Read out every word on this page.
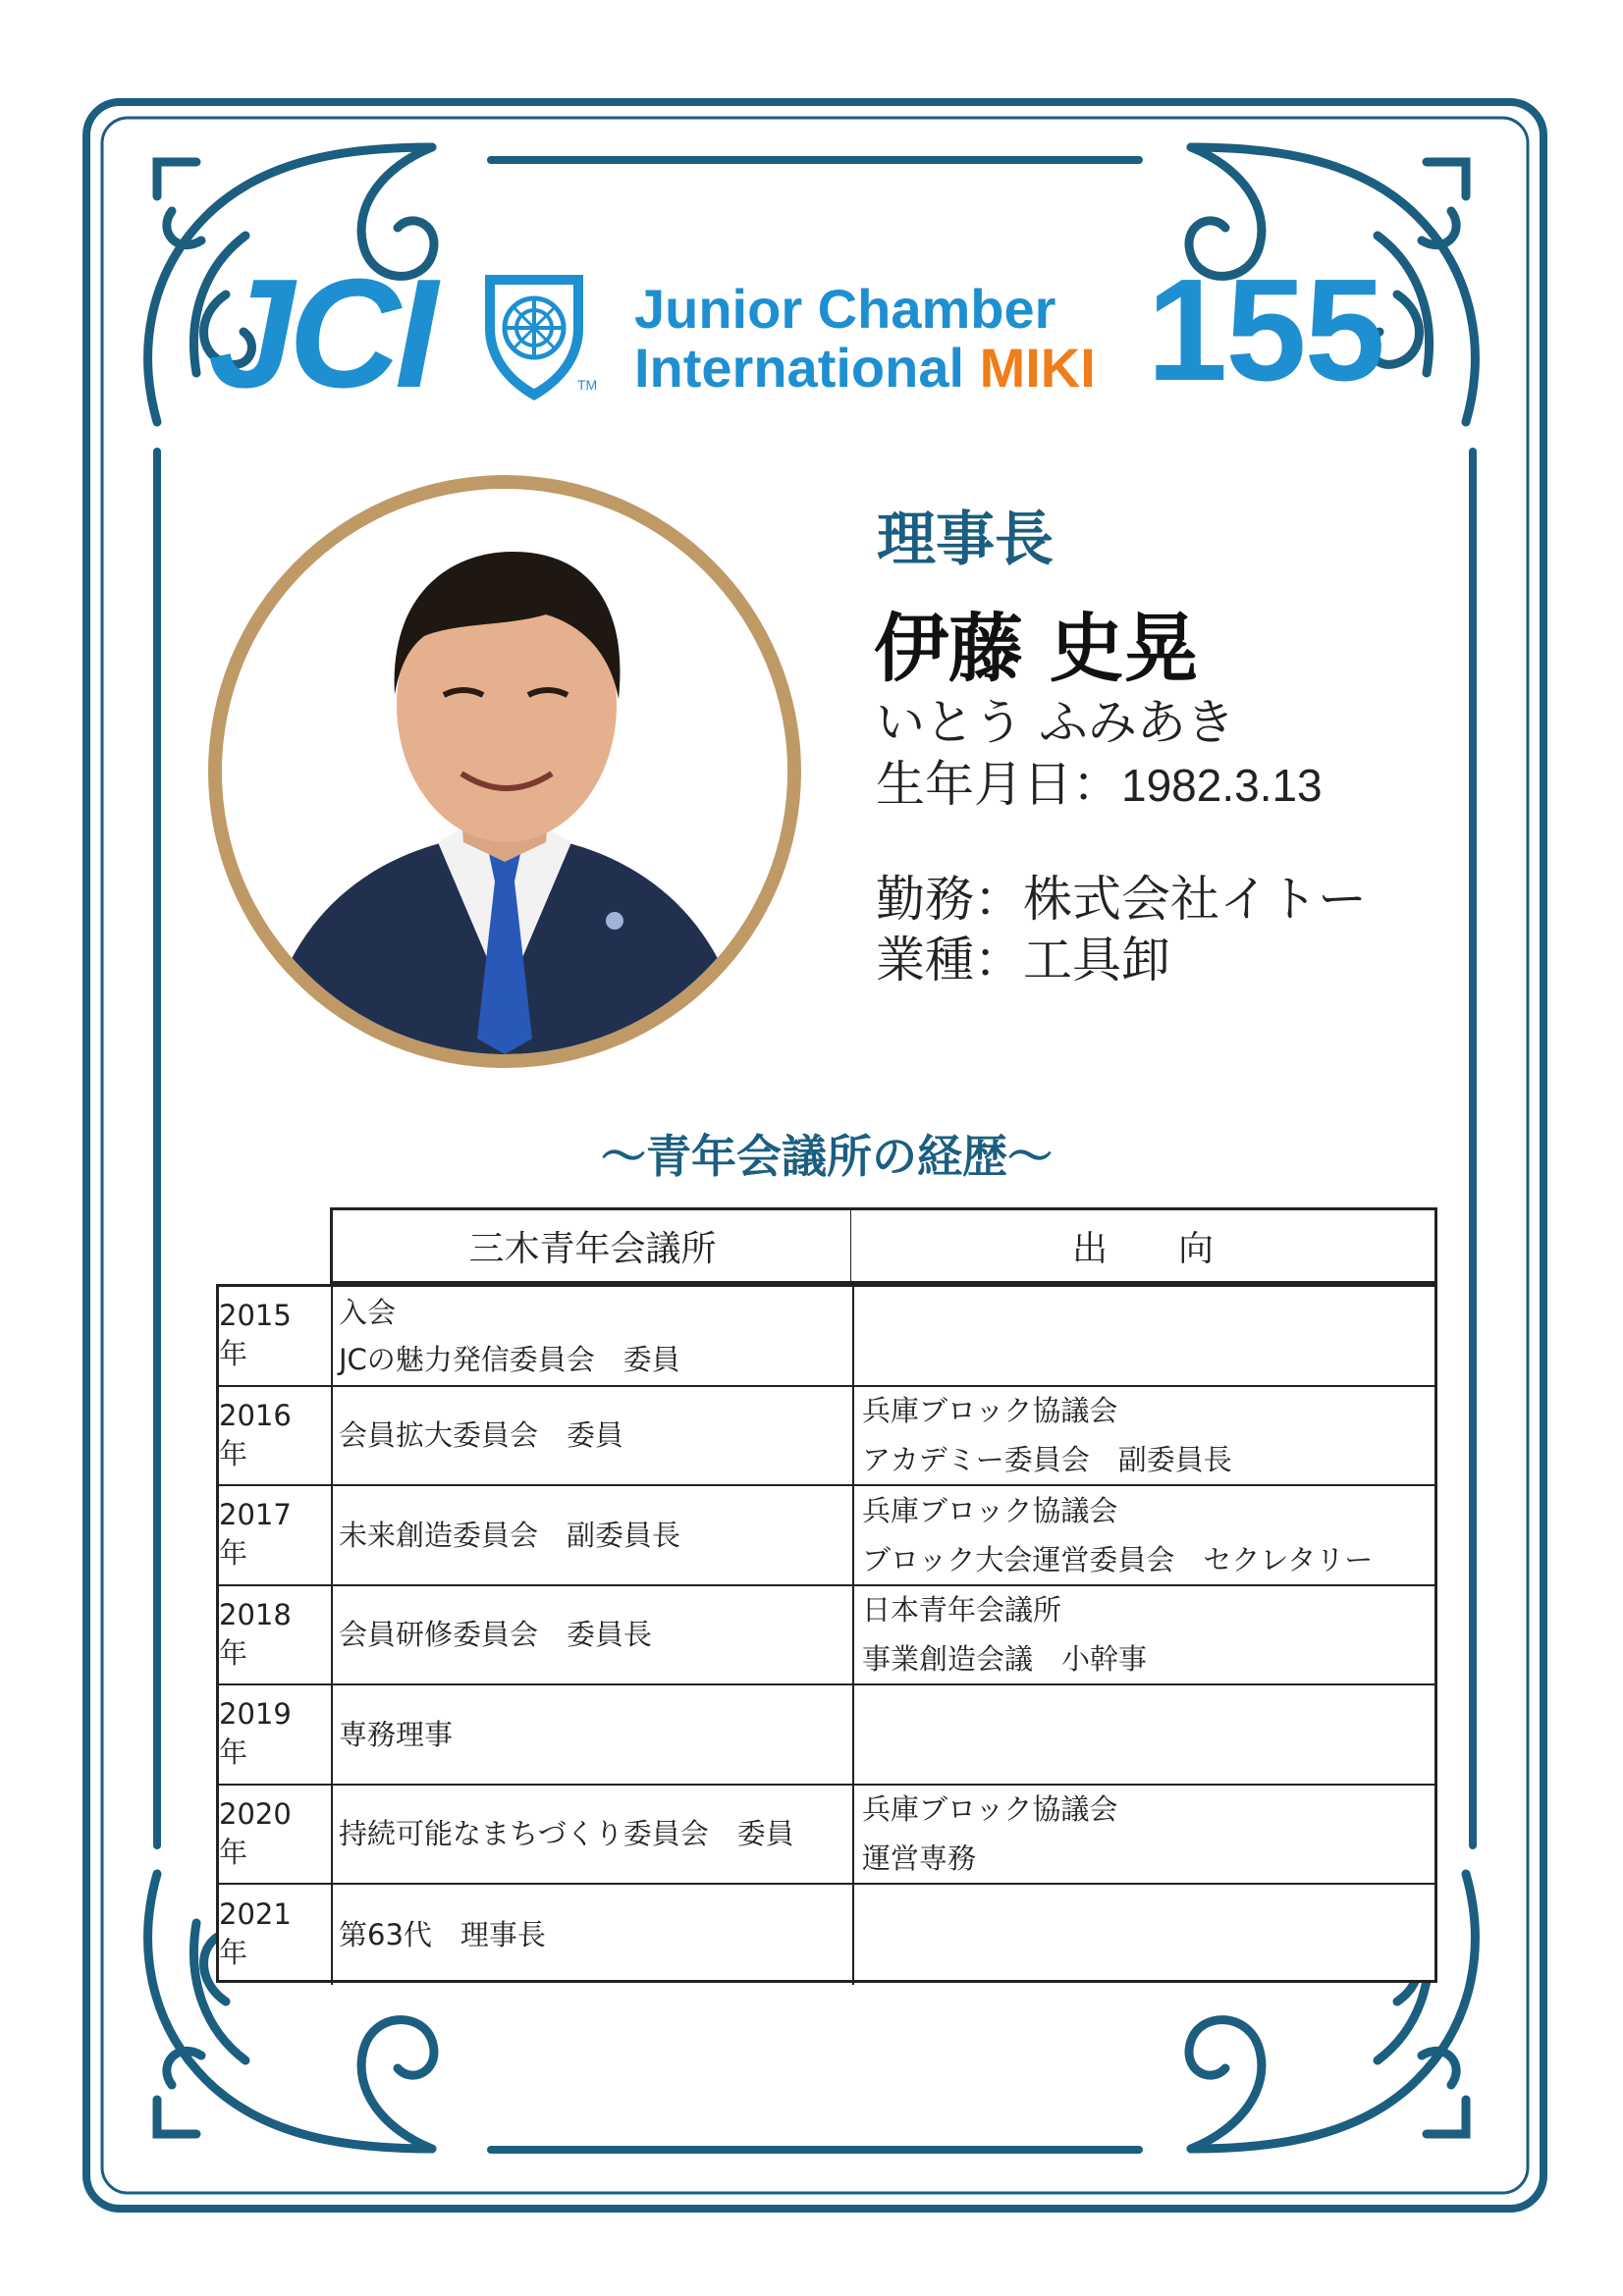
JCI	TM
Junior Chamber
International MIKI 155
理事長
伊藤 史晃
いとう ふみあき
生年月日：1982.3.13
勤務：株式会社イトー
業種：工具卸
～青年会議所の経歴～
三木青年会議所	出　　向
2015 年
入会
JCの魅力発信委員会　委員
2016 年
会員拡大委員会　委員
兵庫ブロック協議会
アカデミー委員会　副委員長
2017 年
未来創造委員会　副委員長
兵庫ブロック協議会
ブロック大会運営委員会　セクレタリー
2018 年
会員研修委員会　委員長
日本青年会議所
事業創造会議　小幹事
2019 年
専務理事
2020 年
持続可能なまちづくり委員会　委員
兵庫ブロック協議会
運営専務
2021 年
第63代　理事長
